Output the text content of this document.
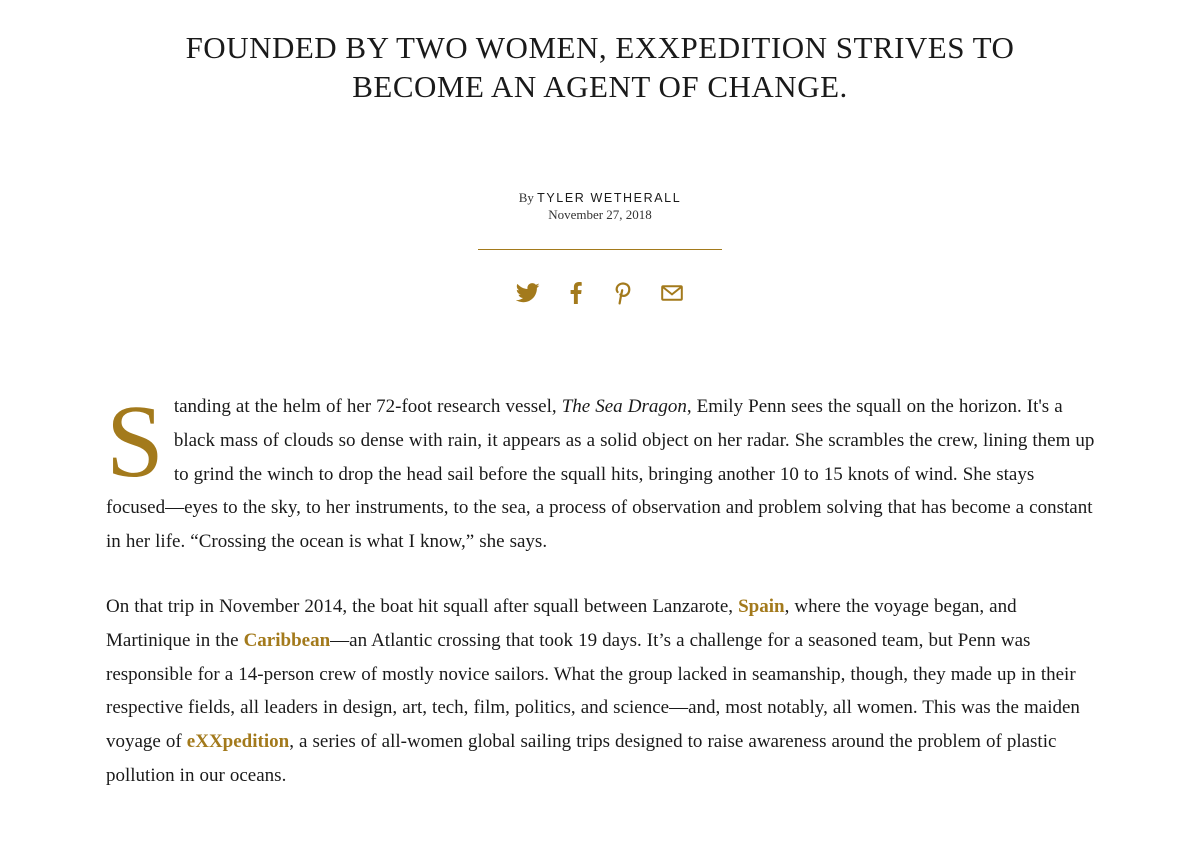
FOUNDED BY TWO WOMEN, EXXPEDITION STRIVES TO BECOME AN AGENT OF CHANGE.
By TYLER WETHERALL
November 27, 2018

Standing at the helm of her 72-foot research vessel, The Sea Dragon, Emily Penn sees the squall on the horizon. It's a black mass of clouds so dense with rain, it appears as a solid object on her radar. She scrambles the crew, lining them up to grind the winch to drop the head sail before the squall hits, bringing another 10 to 15 knots of wind. She stays focused—eyes to the sky, to her instruments, to the sea, a process of observation and problem solving that has become a constant in her life. “Crossing the ocean is what I know,” she says.

On that trip in November 2014, the boat hit squall after squall between Lanzarote, Spain, where the voyage began, and Martinique in the Caribbean—an Atlantic crossing that took 19 days. It’s a challenge for a seasoned team, but Penn was responsible for a 14-person crew of mostly novice sailors. What the group lacked in seamanship, though, they made up in their respective fields, all leaders in design, art, tech, film, politics, and science—and, most notably, all women. This was the maiden voyage of eXXpedition, a series of all-women global sailing trips designed to raise awareness around the problem of plastic pollution in our oceans.
